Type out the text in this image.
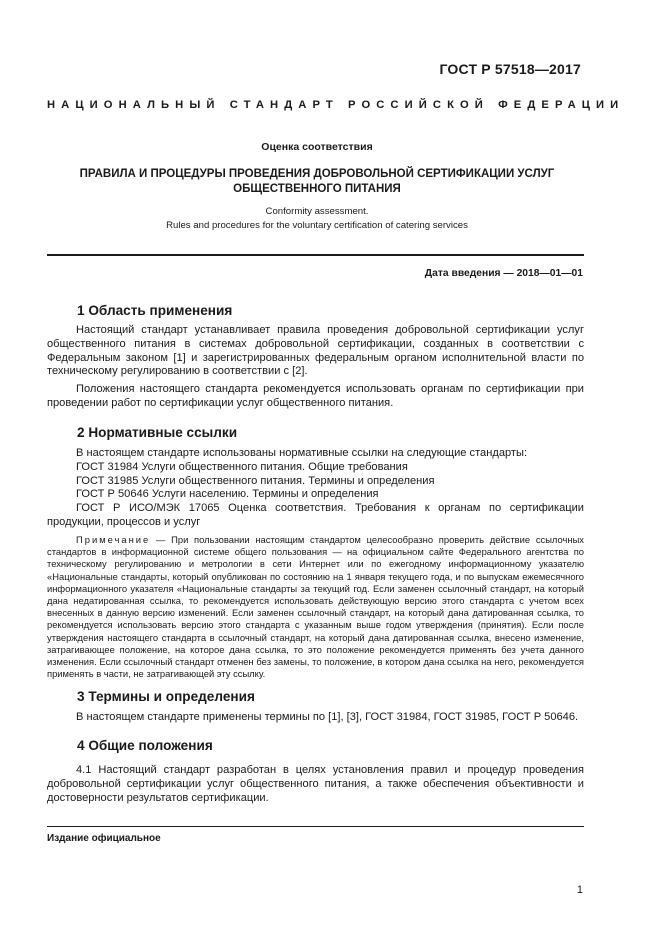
ГОСТ Р 57518—2017
НАЦИОНАЛЬНЫЙ СТАНДАРТ РОССИЙСКОЙ ФЕДЕРАЦИИ
Оценка соответствия
ПРАВИЛА И ПРОЦЕДУРЫ ПРОВЕДЕНИЯ ДОБРОВОЛЬНОЙ СЕРТИФИКАЦИИ УСЛУГ
ОБЩЕСТВЕННОГО ПИТАНИЯ
Conformity assessment.
Rules and procedures for the voluntary certification of catering services
Дата введения — 2018—01—01
1 Область применения

Настоящий стандарт устанавливает правила проведения добровольной сертификации услуг общественного питания в системах добровольной сертификации, созданных в соответствии с Федеральным законом [1] и зарегистрированных федеральным органом исполнительной власти по техническому регулированию в соответствии с [2].

Положения настоящего стандарта рекомендуется использовать органам по сертификации при проведении работ по сертификации услуг общественного питания.

2 Нормативные ссылки

В настоящем стандарте использованы нормативные ссылки на следующие стандарты:

ГОСТ 31984 Услуги общественного питания. Общие требования
ГОСТ 31985 Услуги общественного питания. Термины и определения
ГОСТ Р 50646 Услуги населению. Термины и определения

ГОСТ Р ИСО/МЭК 17065 Оценка соответствия. Требования к органам по сертификации продукции, процессов и услуг

Примечание — При пользовании настоящим стандартом целесообразно проверить действие ссылочных стандартов в информационной системе общего пользования — на официальном сайте Федерального агентства по техническому регулированию и метрологии в сети Интернет или по ежегодному информационному указателю «Национальные стандарты, который опубликован по состоянию на 1 января текущего года, и по выпускам ежемесячного информационного указателя «Национальные стандарты за текущий год. Если заменен ссылочный стандарт, на который дана недатированная ссылка, то рекомендуется использовать действующую версию этого стандарта с учетом всех внесенных в данную версию изменений. Если заменен ссылочный стандарт, на который дана датированная ссылка, то рекомендуется использовать версию этого стандарта с указанным выше годом утверждения (принятия). Если после утверждения настоящего стандарта в ссылочный стандарт, на который дана датированная ссылка, внесено изменение, затрагивающее положение, на которое дана ссылка, то это положение рекомендуется применять без учета данного изменения. Если ссылочный стандарт отменен без замены, то положение, в котором дана ссылка на него, рекомендуется применять в части, не затрагивающей эту ссылку.

3 Термины и определения

В настоящем стандарте применены термины по [1], [3], ГОСТ 31984, ГОСТ 31985, ГОСТ Р 50646.

4 Общие положения

4.1 Настоящий стандарт разработан в целях установления правил и процедур проведения добровольной сертификации услуг общественного питания, а также обеспечения объективности и достоверности результатов сертификации.

Издание официальное
1
